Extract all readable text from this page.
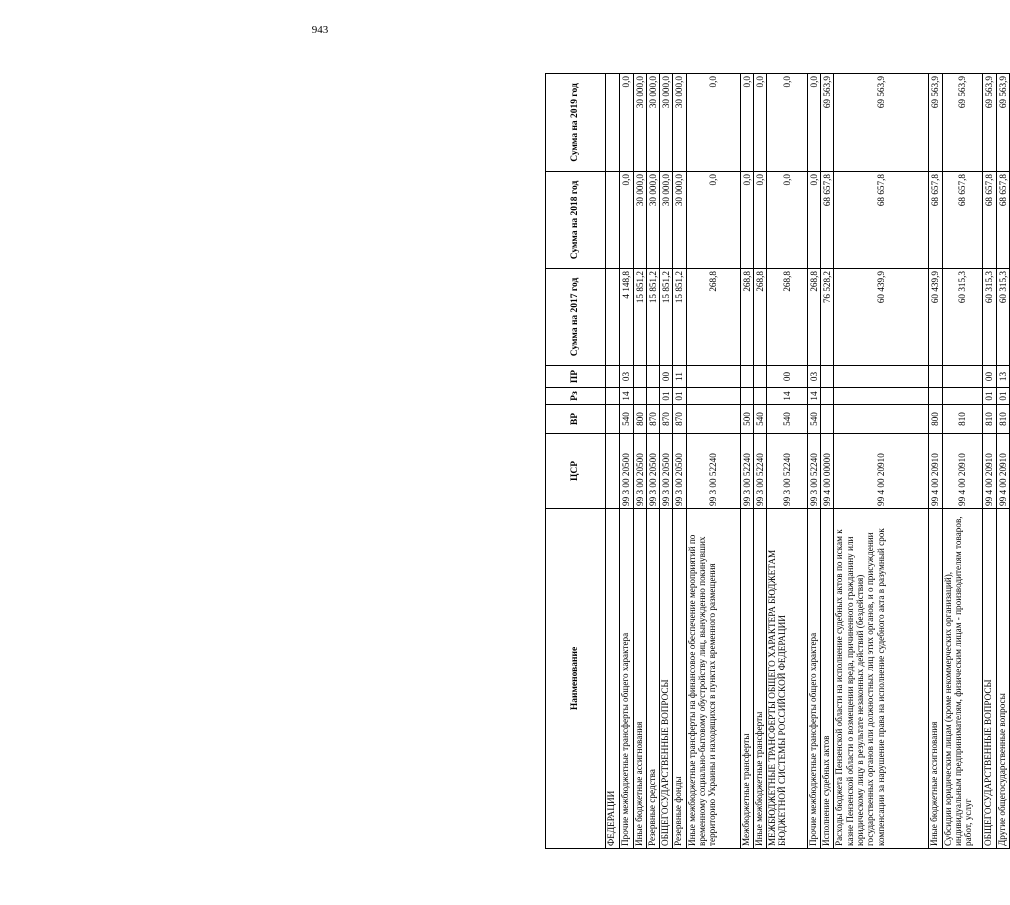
943
Наименование	ЦСР	ВР	Рз	ПР	Сумма на 2017 год	Сумма на 2018 год	Сумма на 2019 год
ФЕДЕРАЦИИ							
Прочие межбюджетные трансферты общего характера	99 3 00 20500	540	14	03	4 148,8	0,0	0,0
Иные бюджетные ассигнования	99 3 00 20500	800			15 851,2	30 000,0	30 000,0
Резервные средства	99 3 00 20500	870			15 851,2	30 000,0	30 000,0
ОБЩЕГОСУДАРСТВЕННЫЕ ВОПРОСЫ	99 3 00 20500	870	01	00	15 851,2	30 000,0	30 000,0
Резервные фонды	99 3 00 20500	870	01	11	15 851,2	30 000,0	30 000,0
Иные межбюджетные трансферты на финансовое обеспечение мероприятий по временному социально-бытовому обустройству лиц, вынужденно покинувших территорию Украины и находящихся в пунктах временного размещения	99 3 00 52240				268,8	0,0	0,0
Межбюджетные трансферты	99 3 00 52240	500			268,8	0,0	0,0
Иные межбюджетные трансферты	99 3 00 52240	540			268,8	0,0	0,0
МЕЖБЮДЖЕТНЫЕ ТРАНСФЕРТЫ ОБЩЕГО ХАРАКТЕРА БЮДЖЕТАМ БЮДЖЕТНОЙ СИСТЕМЫ РОССИЙСКОЙ ФЕДЕРАЦИИ	99 3 00 52240	540	14	00	268,8	0,0	0,0
Прочие межбюджетные трансферты общего характера	99 3 00 52240	540	14	03	268,8	0,0	0,0
Исполнение судебных актов	99 4 00 00000				76 528,2	68 657,8	69 563,9
Расходы бюджета Пензенской области на исполнение судебных актов по искам к казне Пензенской области о возмещении вреда, причиненного гражданину или юридическому лицу в результате незаконных действий (бездействия) государственных органов или должностных лиц этих органов, и о присуждении компенсации за нарушение права на исполнение судебного акта в разумный срок	99 4 00 20910				60 439,9	68 657,8	69 563,9
Иные бюджетные ассигнования	99 4 00 20910	800			60 439,9	68 657,8	69 563,9
Субсидии юридическим лицам (кроме некоммерческих организаций), индивидуальным предпринимателям, физическим лицам - производителям товаров, работ, услуг	99 4 00 20910	810			60 315,3	68 657,8	69 563,9
ОБЩЕГОСУДАРСТВЕННЫЕ ВОПРОСЫ	99 4 00 20910	810	01	00	60 315,3	68 657,8	69 563,9
Другие общегосударственные вопросы	99 4 00 20910	810	01	13	60 315,3	68 657,8	69 563,9
